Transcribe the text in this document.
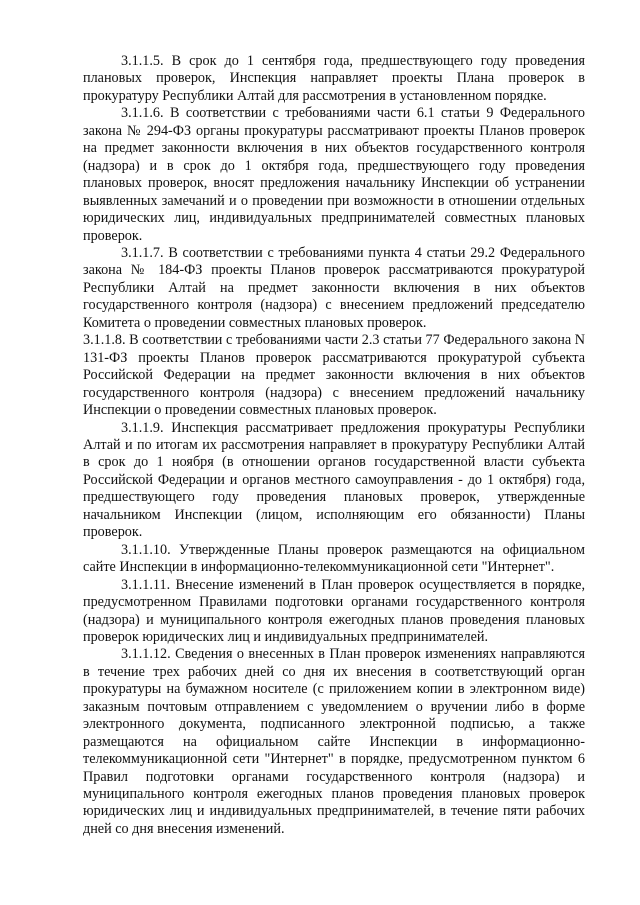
3.1.1.5. В срок до 1 сентября года, предшествующего году проведения плановых проверок, Инспекция направляет проекты Плана проверок в прокуратуру Республики Алтай для рассмотрения в установленном порядке.

3.1.1.6. В соответствии с требованиями части 6.1 статьи 9 Федерального закона № 294-ФЗ органы прокуратуры рассматривают проекты Планов проверок на предмет законности включения в них объектов государственного контроля (надзора) и в срок до 1 октября года, предшествующего году проведения плановых проверок, вносят предложения начальнику Инспекции об устранении выявленных замечаний и о проведении при возможности в отношении отдельных юридических лиц, индивидуальных предпринимателей совместных плановых проверок.

3.1.1.7. В соответствии с требованиями пункта 4 статьи 29.2 Федерального закона № 184-ФЗ проекты Планов проверок рассматриваются прокуратурой Республики Алтай на предмет законности включения в них объектов государственного контроля (надзора) с внесением предложений председателю Комитета о проведении совместных плановых проверок.

3.1.1.8. В соответствии с требованиями части 2.3 статьи 77 Федерального закона N 131-ФЗ проекты Планов проверок рассматриваются прокуратурой субъекта Российской Федерации на предмет законности включения в них объектов государственного контроля (надзора) с внесением предложений начальнику Инспекции о проведении совместных плановых проверок.

3.1.1.9. Инспекция рассматривает предложения прокуратуры Республики Алтай и по итогам их рассмотрения направляет в прокуратуру Республики Алтай в срок до 1 ноября (в отношении органов государственной власти субъекта Российской Федерации и органов местного самоуправления - до 1 октября) года, предшествующего году проведения плановых проверок, утвержденные начальником Инспекции (лицом, исполняющим его обязанности) Планы проверок.

3.1.1.10. Утвержденные Планы проверок размещаются на официальном сайте Инспекции в информационно-телекоммуникационной сети "Интернет".

3.1.1.11. Внесение изменений в План проверок осуществляется в порядке, предусмотренном Правилами подготовки органами государственного контроля (надзора) и муниципального контроля ежегодных планов проведения плановых проверок юридических лиц и индивидуальных предпринимателей.

3.1.1.12. Сведения о внесенных в План проверок изменениях направляются в течение трех рабочих дней со дня их внесения в соответствующий орган прокуратуры на бумажном носителе (с приложением копии в электронном виде) заказным почтовым отправлением с уведомлением о вручении либо в форме электронного документа, подписанного электронной подписью, а также размещаются на официальном сайте Инспекции в информационно-телекоммуникационной сети "Интернет" в порядке, предусмотренном пунктом 6 Правил подготовки органами государственного контроля (надзора) и муниципального контроля ежегодных планов проведения плановых проверок юридических лиц и индивидуальных предпринимателей, в течение пяти рабочих дней со дня внесения изменений.
